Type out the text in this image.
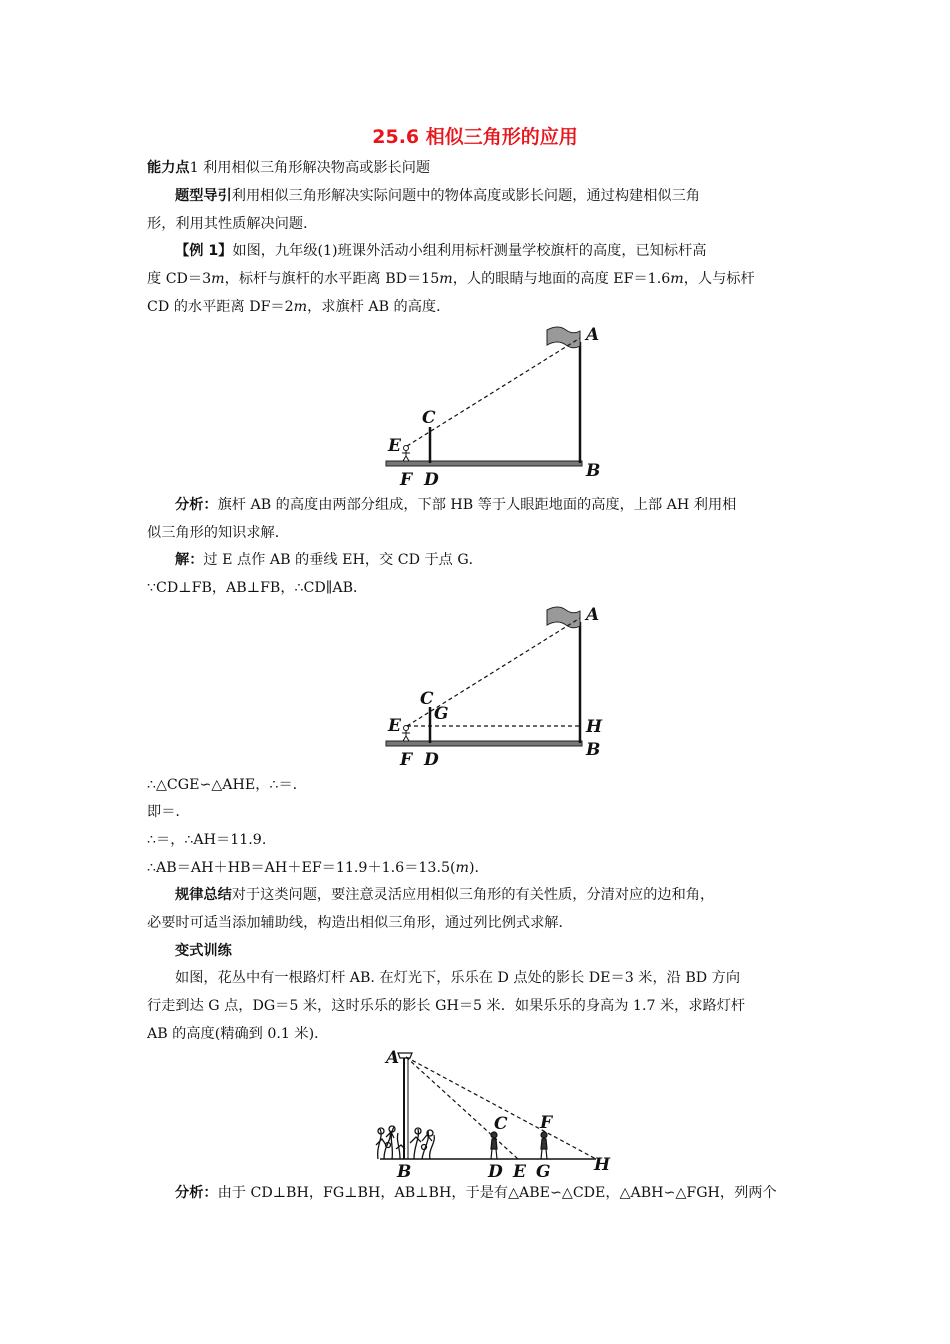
25.6 相似三角形的应用
能力点1 利用相似三角形解决物高或影长问题
题型导引利用相似三角形解决实际问题中的物体高度或影长问题，通过构建相似三角
形，利用其性质解决问题．
【例 1】如图，九年级(1)班课外活动小组利用标杆测量学校旗杆的高度，已知标杆高
度 CD＝3m，标杆与旗杆的水平距离 BD＝15m，人的眼睛与地面的高度 EF＝1.6m，人与标杆
CD 的水平距离 DF＝2m，求旗杆 AB 的高度．
A
B
C
D
E
F
分析：旗杆 AB 的高度由两部分组成，下部 HB 等于人眼距地面的高度，上部 AH 利用相
似三角形的知识求解．
解：过 E 点作 AB 的垂线 EH，交 CD 于点 G．
∵CD⊥FB，AB⊥FB，∴CD∥AB．
A
B
C
D
E
F
G
H
∴△CGE∽△AHE，∴＝.
即＝.
∴＝，∴AH＝11.9.
∴AB＝AH＋HB＝AH＋EF＝11.9＋1.6＝13.5(m)．
规律总结对于这类问题，要注意灵活应用相似三角形的有关性质，分清对应的边和角，
必要时可适当添加辅助线，构造出相似三角形，通过列比例式求解．
变式训练
如图，花丛中有一根路灯杆 AB. 在灯光下，乐乐在 D 点处的影长 DE＝3 米，沿 BD 方向
行走到达 G 点，DG＝5 米，这时乐乐的影长 GH＝5 米．如果乐乐的身高为 1.7 米，求路灯杆
AB 的高度(精确到 0.1 米)．
A
B
C
D E
F
G	H
分析：由于 CD⊥BH，FG⊥BH，AB⊥BH，于是有△ABE∽△CDE，△ABH∽△FGH，列两个
